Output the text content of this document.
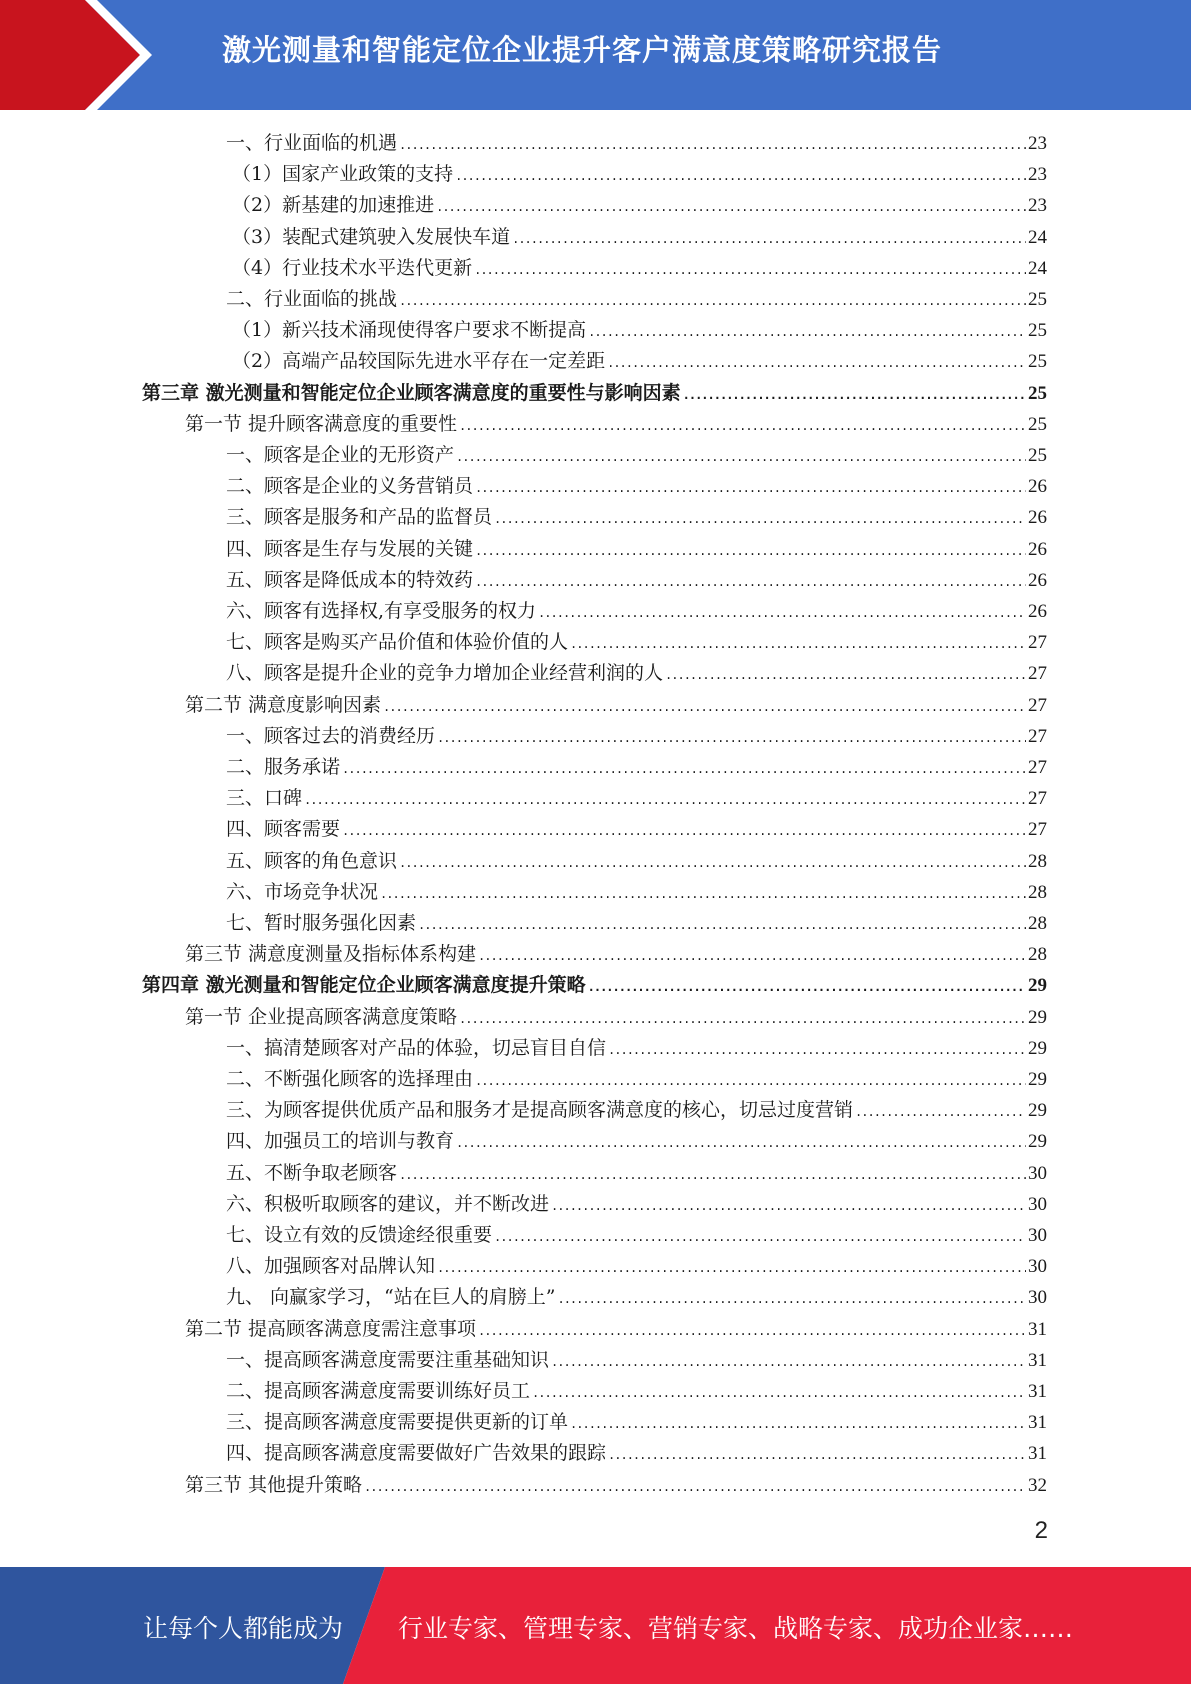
激光测量和智能定位企业提升客户满意度策略研究报告
一、行业面临的机遇 .....	23
（1）国家产业政策的支持 .....	23
（2）新基建的加速推进 .....	23
（3）装配式建筑驶入发展快车道 .....	24
（4）行业技术水平迭代更新 .....	24
二、行业面临的挑战 .....	25
（1）新兴技术涌现使得客户要求不断提高 .....	25
（2）高端产品较国际先进水平存在一定差距 .....	25
第三章 激光测量和智能定位企业顾客满意度的重要性与影响因素 .....	25
第一节 提升顾客满意度的重要性 .....	25
一、顾客是企业的无形资产 .....	25
二、顾客是企业的义务营销员 .....	26
三、顾客是服务和产品的监督员 .....	26
四、顾客是生存与发展的关键 .....	26
五、顾客是降低成本的特效药 .....	26
六、顾客有选择权,有享受服务的权力 .....	26
七、顾客是购买产品价值和体验价值的人 .....	27
八、顾客是提升企业的竞争力增加企业经营利润的人 .....	27
第二节 满意度影响因素 .....	27
一、顾客过去的消费经历 .....	27
二、服务承诺 .....	27
三、口碑 .....	27
四、顾客需要 .....	27
五、顾客的角色意识 .....	28
六、市场竞争状况 .....	28
七、暂时服务强化因素 .....	28
第三节 满意度测量及指标体系构建 .....	28
第四章 激光测量和智能定位企业顾客满意度提升策略 .....	29
第一节 企业提高顾客满意度策略 .....	29
一、搞清楚顾客对产品的体验，切忌盲目自信 .....	29
二、不断强化顾客的选择理由 .....	29
三、为顾客提供优质产品和服务才是提高顾客满意度的核心，切忌过度营销 .....	29
四、加强员工的培训与教育 .....	29
五、不断争取老顾客 .....	30
六、积极听取顾客的建议，并不断改进 .....	30
七、设立有效的反馈途经很重要 .....	30
八、加强顾客对品牌认知 .....	30
九、 向赢家学习，“站在巨人的肩膀上” .....	30
第二节 提高顾客满意度需注意事项 .....	31
一、提高顾客满意度需要注重基础知识 .....	31
二、提高顾客满意度需要训练好员工 .....	31
三、提高顾客满意度需要提供更新的订单 .....	31
四、提高顾客满意度需要做好广告效果的跟踪 .....	31
第三节 其他提升策略 .....	32
2
让每个人都能成为 行业专家、管理专家、营销专家、战略专家、成功企业家……
